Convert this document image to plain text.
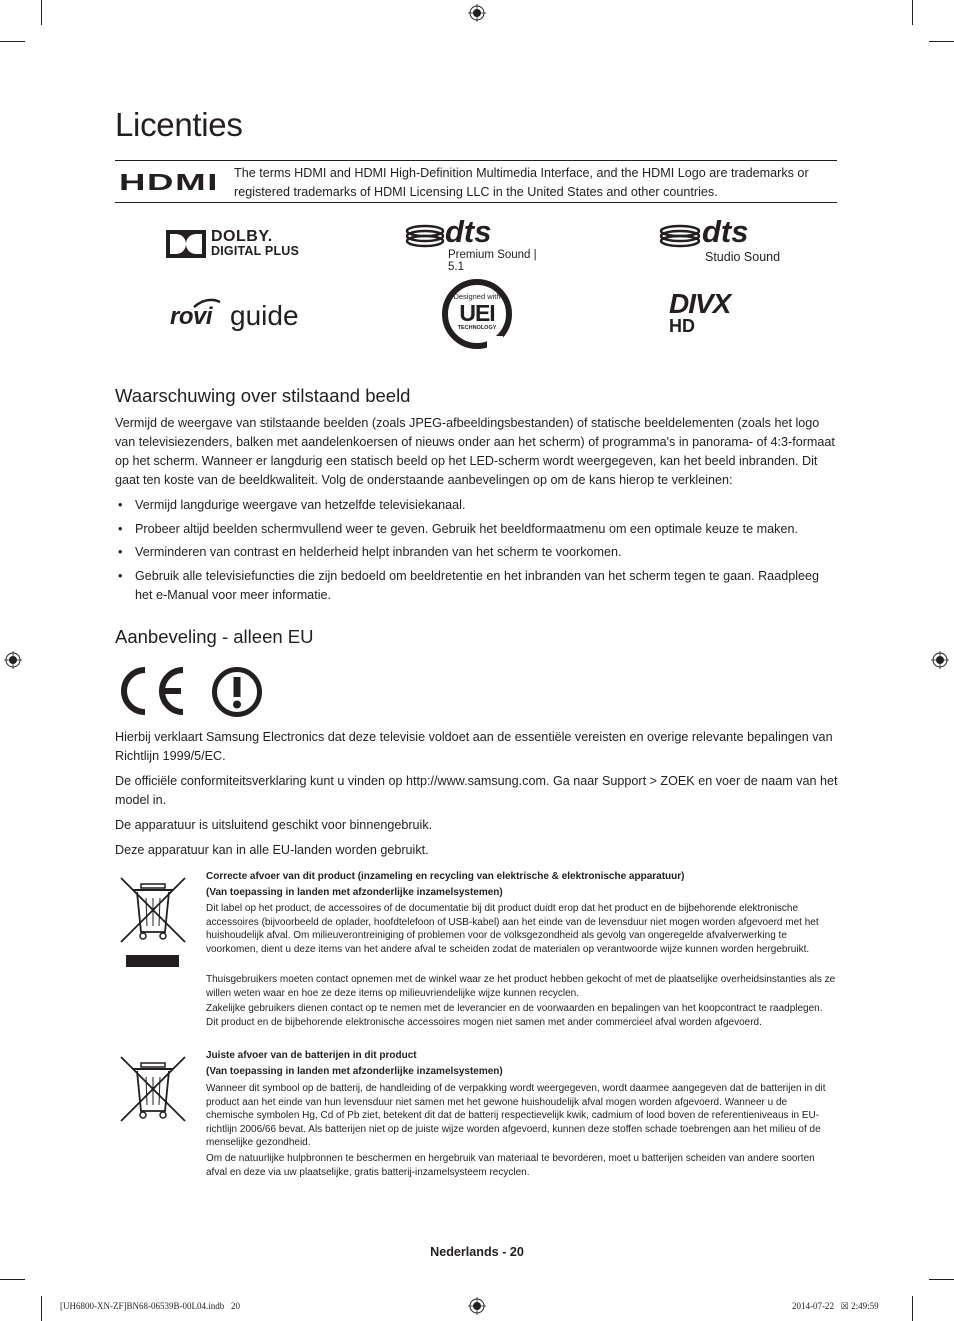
Licenties
HDMI The terms HDMI and HDMI High-Definition Multimedia Interface, and the HDMI Logo are trademarks or registered trademarks of HDMI Licensing LLC in the United States and other countries.
DOLBY.
DIGITAL PLUS
dts
Premium Sound | 5.1
dts
Studio Sound
rovi guide
Designed with
UEI
TECHNOLOGY
DIVX
HD
Waarschuwing over stilstaand beeld

Vermijd de weergave van stilstaande beelden (zoals JPEG-afbeeldingsbestanden) of statische beeldelementen (zoals het logo van televisiezenders, balken met aandelenkoersen of nieuws onder aan het scherm) of programma's in panorama- of 4:3-formaat op het scherm. Wanneer er langdurig een statisch beeld op het LED-scherm wordt weergegeven, kan het beeld inbranden. Dit gaat ten koste van de beeldkwaliteit. Volg de onderstaande aanbevelingen op om de kans hierop te verkleinen:

• Vermijd langdurige weergave van hetzelfde televisiekanaal.
• Probeer altijd beelden schermvullend weer te geven. Gebruik het beeldformaatmenu om een optimale keuze te maken.
• Verminderen van contrast en helderheid helpt inbranden van het scherm te voorkomen.
• Gebruik alle televisiefuncties die zijn bedoeld om beeldretentie en het inbranden van het scherm tegen te gaan. Raadpleeg het e-Manual voor meer informatie.
Aanbeveling - alleen EU

Hierbij verklaart Samsung Electronics dat deze televisie voldoet aan de essentiële vereisten en overige relevante bepalingen van Richtlijn 1999/5/EC.

De officiële conformiteitsverklaring kunt u vinden op http://www.samsung.com. Ga naar Support > ZOEK en voer de naam van het model in.

De apparatuur is uitsluitend geschikt voor binnengebruik.

Deze apparatuur kan in alle EU-landen worden gebruikt.

Correcte afvoer van dit product (inzameling en recycling van elektrische & elektronische apparatuur)
(Van toepassing in landen met afzonderlijke inzamelsystemen)
Dit label op het product, de accessoires of de documentatie bij dit product duidt erop dat het product en de bijbehorende elektronische accessoires (bijvoorbeeld de oplader, hoofdtelefoon of USB-kabel) aan het einde van de levensduur niet mogen worden afgevoerd met het huishoudelijk afval. Om milieuverontreiniging of problemen voor de volksgezondheid als gevolg van ongeregelde afvalverwerking te voorkomen, dient u deze items van het andere afval te scheiden zodat de materialen op verantwoorde wijze kunnen worden hergebruikt.
Thuisgebruikers moeten contact opnemen met de winkel waar ze het product hebben gekocht of met de plaatselijke overheidsinstanties als ze willen weten waar en hoe ze deze items op milieuvriendelijke wijze kunnen recyclen.
Zakelijke gebruikers dienen contact op te nemen met de leverancier en de voorwaarden en bepalingen van het koopcontract te raadplegen. Dit product en de bijbehorende elektronische accessoires mogen niet samen met ander commercieel afval worden afgevoerd.
Juiste afvoer van de batterijen in dit product
(Van toepassing in landen met afzonderlijke inzamelsystemen)
Wanneer dit symbool op de batterij, de handleiding of de verpakking wordt weergegeven, wordt daarmee aangegeven dat de batterijen in dit product aan het einde van hun levensduur niet samen met het gewone huishoudelijk afval mogen worden afgevoerd. Wanneer u de chemische symbolen Hg, Cd of Pb ziet, betekent dit dat de batterij respectievelijk kwik, cadmium of lood boven de referentieniveaus in EU-richtlijn 2006/66 bevat. Als batterijen niet op de juiste wijze worden afgevoerd, kunnen deze stoffen schade toebrengen aan het milieu of de menselijke gezondheid.
Om de natuurlijke hulpbronnen te beschermen en hergebruik van materiaal te bevorderen, moet u batterijen scheiden van andere soorten afval en deze via uw plaatselijke, gratis batterij-inzamelsysteem recyclen.
Nederlands - 20
[UH6800-XN-ZF]BN68-06539B-00L04.indb   20	2014-07-22   ☒ 2:49:59
